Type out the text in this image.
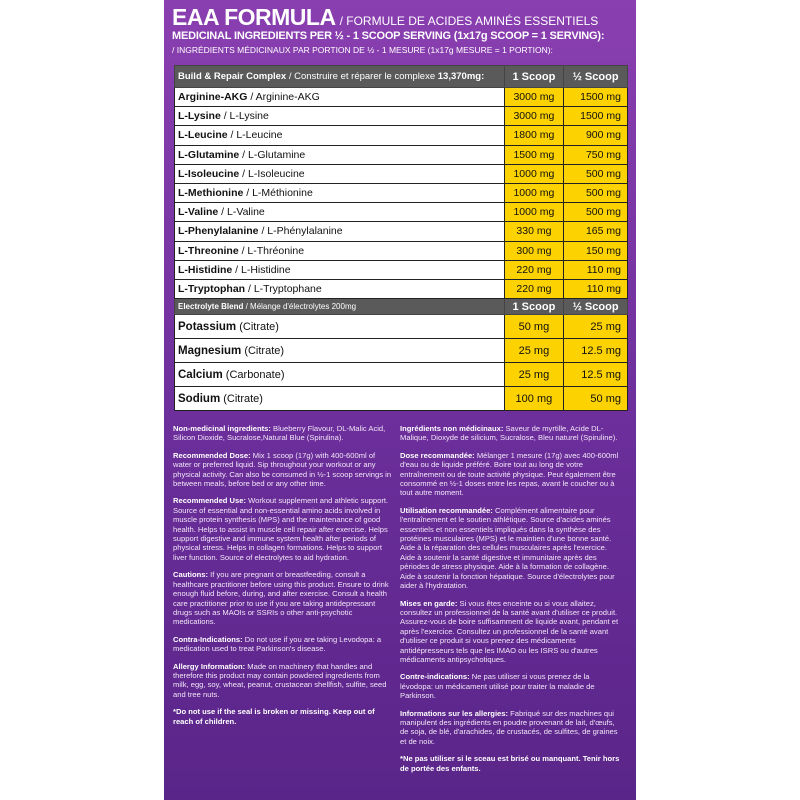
EAA FORMULA / FORMULE DE ACIDES AMINÉS ESSENTIELS
MEDICINAL INGREDIENTS PER ½ - 1 SCOOP SERVING (1x17g SCOOP = 1 SERVING):
/ INGRÉDIENTS MÉDICINAUX PAR PORTION DE ½ - 1 MESURE (1x17g MESURE = 1 PORTION):
Build & Repair Complex / Construire et réparer le complexe 13,370mg:	1 Scoop	½ Scoop
Arginine-AKG / Arginine-AKG	3000 mg	1500 mg
L-Lysine / L-Lysine	3000 mg	1500 mg
L-Leucine / L-Leucine	1800 mg	900 mg
L-Glutamine / L-Glutamine	1500 mg	750 mg
L-Isoleucine / L-Isoleucine	1000 mg	500 mg
L-Methionine / L-Méthionine	1000 mg	500 mg
L-Valine / L-Valine	1000 mg	500 mg
L-Phenylalanine / L-Phénylalanine	330 mg	165 mg
L-Threonine / L-Thréonine	300 mg	150 mg
L-Histidine / L-Histidine	220 mg	110 mg
L-Tryptophan / L-Tryptophane	220 mg	110 mg
Electrolyte Blend / Mélange d'électrolytes 200mg	1 Scoop	½ Scoop
Potassium (Citrate)	50 mg	25 mg
Magnesium (Citrate)	25 mg	12.5 mg
Calcium (Carbonate)	25 mg	12.5 mg
Sodium (Citrate)	100 mg	50 mg
Non-medicinal ingredients: Blueberry Flavour, DL-Malic Acid, Silicon Dioxide, Sucralose,Natural Blue (Spirulina).
Recommended Dose: Mix 1 scoop (17g) with 400-600ml of water or preferred liquid. Sip throughout your workout or any physical activity. Can also be consumed in ½-1 scoop servings in between meals, before bed or any other time.
Recommended Use: Workout supplement and athletic support. Source of essential and non-essential amino acids involved in muscle protein synthesis (MPS) and the maintenance of good health. Helps to assist in muscle cell repair after exercise. Helps support digestive and immune system health after periods of physical stress. Helps in collagen formations. Helps to support liver function. Source of electrolytes to aid hydration.
Cautions: If you are pregnant or breastfeeding, consult a healthcare practitioner before using this product. Ensure to drink enough fluid before, during, and after exercise. Consult a health care practitioner prior to use if you are taking antidepressant drugs such as MAOIs or SSRIs o other anti-psychotic medications.
Contra-Indications: Do not use if you are taking Levodopa: a medication used to treat Parkinson's disease.
Allergy Information: Made on machinery that handles and therefore this product may contain powdered ingredients from milk, egg, soy, wheat, peanut, crustacean shellfish, sulfite, seed and tree nuts.
*Do not use if the seal is broken or missing. Keep out of reach of children.
Ingrédients non médicinaux: Saveur de myrtille, Acide DL-Malique, Dioxyde de silicium, Sucralose, Bleu naturel (Spiruline).
Dose recommandée: Mélanger 1 mesure (17g) avec 400-600ml d'eau ou de liquide préféré. Boire tout au long de votre entraînement ou de toute activité physique. Peut également être consommé en ½-1 doses entre les repas, avant le coucher ou à tout autre moment.
Utilisation recommandée: Complément alimentaire pour l'entraînement et le soutien athlétique. Source d'acides aminés essentiels et non essentiels impliqués dans la synthèse des protéines musculaires (MPS) et le maintien d'une bonne santé. Aide à la réparation des cellules musculaires après l'exercice. Aide à soutenir la santé digestive et immunitaire après des périodes de stress physique. Aide à la formation de collagène. Aide à soutenir la fonction hépatique. Source d'électrolytes pour aider à l'hydratation.
Mises en garde: Si vous êtes enceinte ou si vous allaitez, consultez un professionnel de la santé avant d'utiliser ce produit. Assurez-vous de boire suffisamment de liquide avant, pendant et après l'exercice. Consultez un professionnel de la santé avant d'utiliser ce produit si vous prenez des médicaments antidépresseurs tels que les IMAO ou les ISRS ou d'autres médicaments antipsychotiques.
Contre-indications: Ne pas utiliser si vous prenez de la lévodopa: un médicament utilisé pour traiter la maladie de Parkinson.
Informations sur les allergies: Fabriqué sur des machines qui manipulent des ingrédients en poudre provenant de lait, d'œufs, de soja, de blé, d'arachides, de crustacés, de sulfites, de graines et de noix.
*Ne pas utiliser si le sceau est brisé ou manquant. Tenir hors de portée des enfants.
